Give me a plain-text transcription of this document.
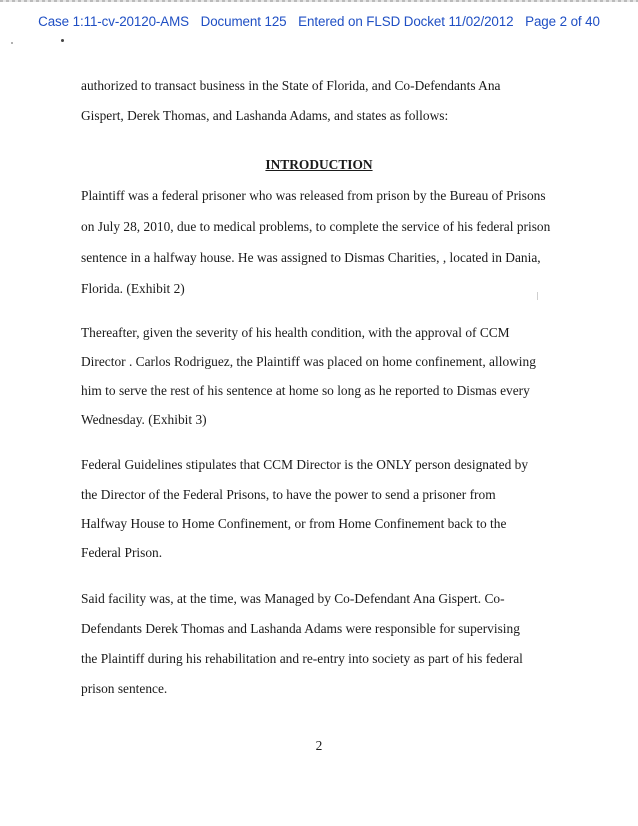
Case 1:11-cv-20120-AMS Document 125 Entered on FLSD Docket 11/02/2012 Page 2 of 40
authorized to transact business in the State of Florida, and Co-Defendants Ana
Gispert, Derek Thomas, and Lashanda Adams, and states as follows:
INTRODUCTION
Plaintiff was a federal prisoner who was released from prison by the Bureau of Prisons
on July 28, 2010, due to medical problems, to complete the service of his federal prison
sentence in a halfway house. He was assigned to Dismas Charities, , located in Dania,
Florida. (Exhibit 2)
Thereafter, given the severity of his health condition, with the approval of CCM
Director . Carlos Rodriguez, the Plaintiff was placed on home confinement, allowing
him to serve the rest of his sentence at home so long as he reported to Dismas every
Wednesday. (Exhibit 3)
Federal Guidelines stipulates that CCM Director is the ONLY person designated by
the Director of the Federal Prisons, to have the power to send a prisoner from
Halfway House to Home Confinement, or from Home Confinement back to the
Federal Prison.
Said facility was, at the time, was Managed by Co-Defendant Ana Gispert. Co-
Defendants Derek Thomas and Lashanda Adams were responsible for supervising
the Plaintiff during his rehabilitation and re-entry into society as part of his federal
prison sentence.
2
